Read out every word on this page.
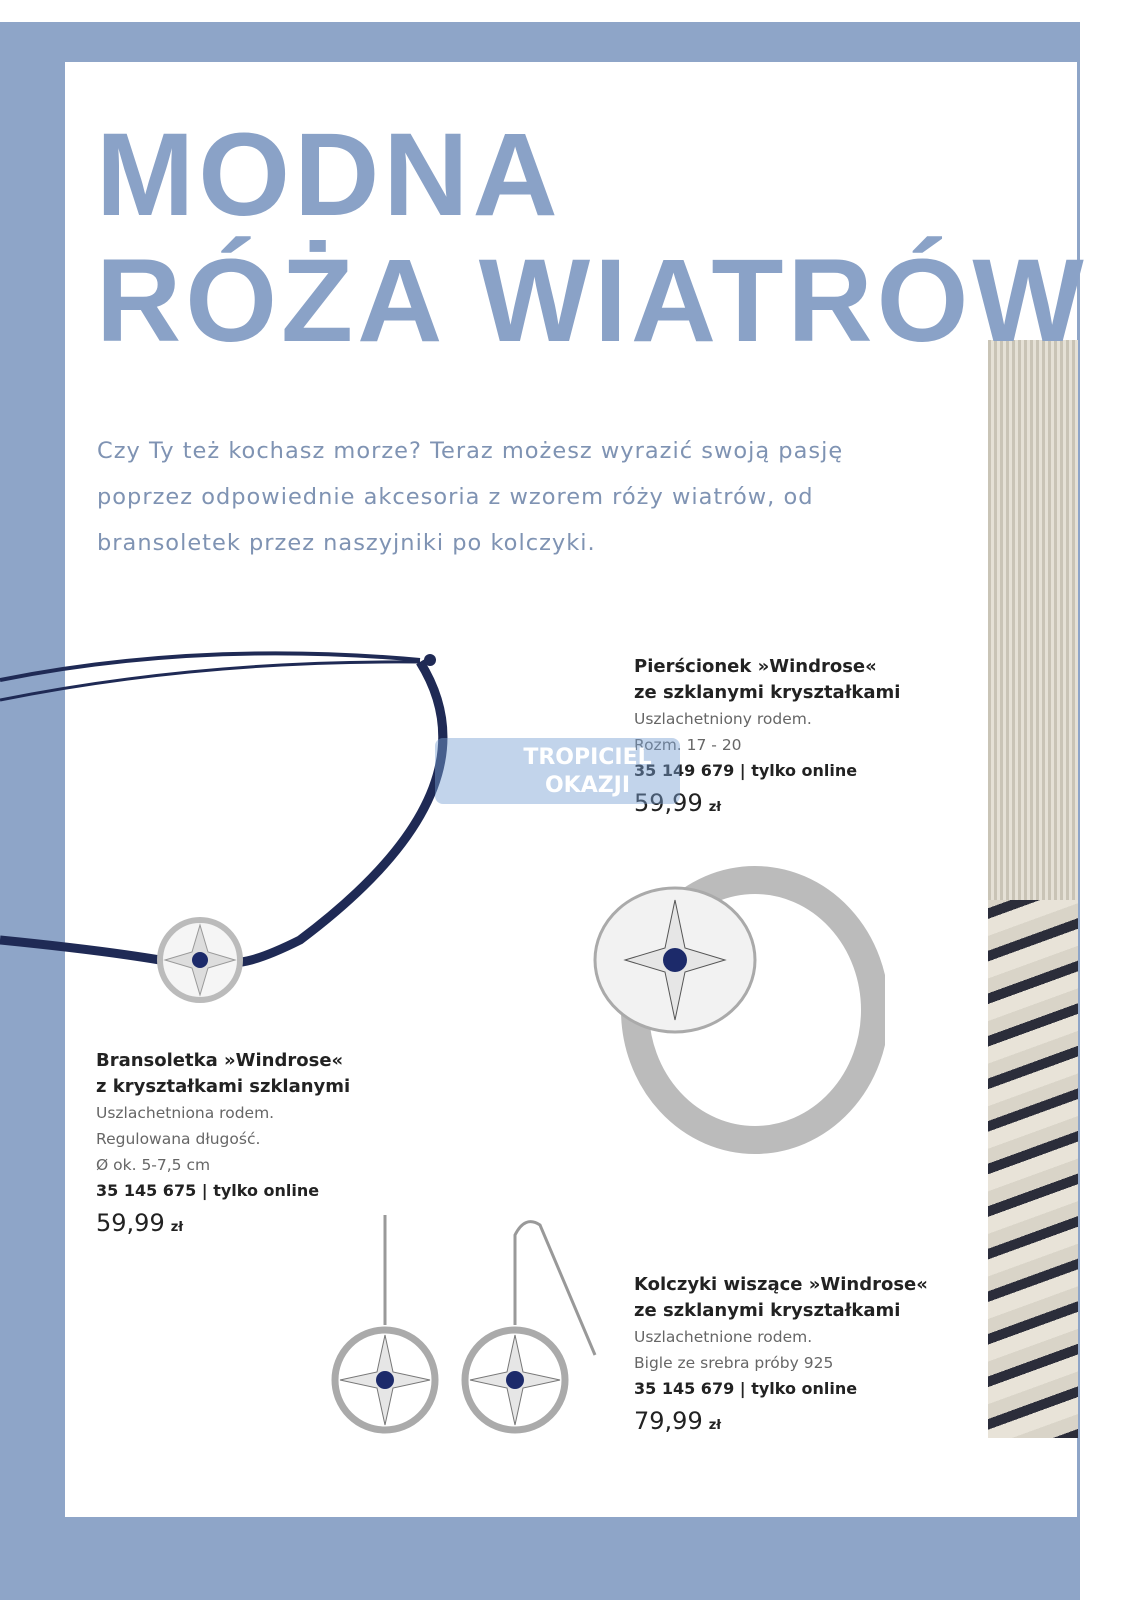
MODNA
RÓŻA WIATRÓW
Czy Ty też kochasz morze? Teraz możesz wyrazić swoją pasję poprzez odpowiednie akcesoria z wzorem róży wiatrów, od bransoletek przez naszyjniki po kolczyki.
Pierścionek »Windrose«
ze szklanymi kryształkami
Uszlachetniony rodem.
Rozm. 17 - 20
35 149 679 | tylko online
59,99 zł
Bransoletka »Windrose«
z kryształkami szklanymi
Uszlachetniona rodem.
Regulowana długość.
Ø ok. 5-7,5 cm
35 145 675 | tylko online
59,99 zł
Kolczyki wiszące »Windrose«
ze szklanymi kryształkami
Uszlachetnione rodem.
Bigle ze srebra próby 925
35 145 679 | tylko online
79,99 zł
TROPICIEL
OKAZJI
